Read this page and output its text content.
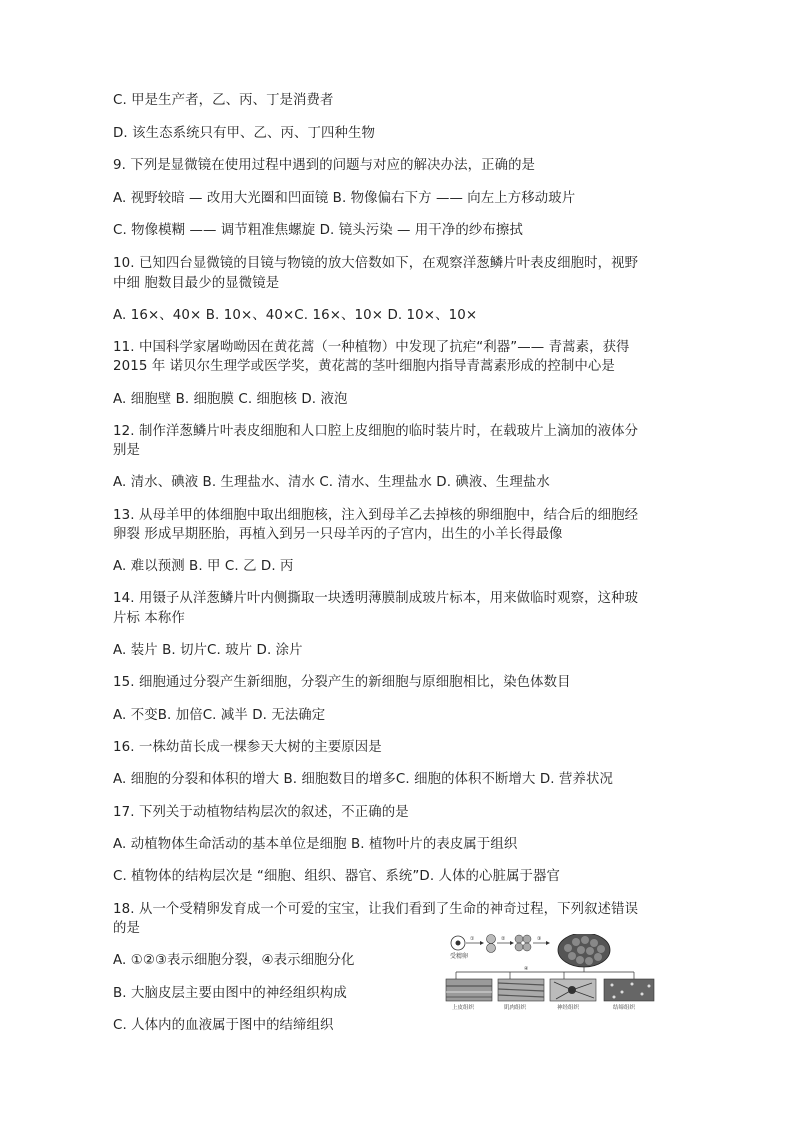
C. 甲是生产者，乙、丙、丁是消费者
D. 该生态系统只有甲、乙、丙、丁四种生物
9. 下列是显微镜在使用过程中遇到的问题与对应的解决办法，正确的是
A. 视野较暗 — 改用大光圈和凹面镜 B. 物像偏右下方 —— 向左上方移动玻片
C. 物像模糊 —— 调节粗准焦螺旋 D. 镜头污染 — 用干净的纱布擦拭
10. 已知四台显微镜的目镜与物镜的放大倍数如下，在观察洋葱鳞片叶表皮细胞时，视野
中细 胞数目最少的显微镜是
A. 16×、40× B. 10×、40×C. 16×、10× D. 10×、10×
11. 中国科学家屠呦呦因在黄花蒿（一种植物）中发现了抗疟“利器”—— 青蒿素，获得
2015 年 诺贝尔生理学或医学奖，黄花蒿的茎叶细胞内指导青蒿素形成的控制中心是
A. 细胞壁 B. 细胞膜 C. 细胞核 D. 液泡
12. 制作洋葱鳞片叶表皮细胞和人口腔上皮细胞的临时装片时，在载玻片上滴加的液体分
别是
A. 清水、碘液 B. 生理盐水、清水 C. 清水、生理盐水 D. 碘液、生理盐水
13. 从母羊甲的体细胞中取出细胞核，注入到母羊乙去掉核的卵细胞中，结合后的细胞经
卵裂 形成早期胚胎，再植入到另一只母羊丙的子宫内，出生的小羊长得最像
A. 难以预测 B. 甲 C. 乙 D. 丙
14. 用镊子从洋葱鳞片叶内侧撕取一块透明薄膜制成玻片标本，用来做临时观察，这种玻
片标 本称作
A. 装片 B. 切片C. 玻片 D. 涂片
15. 细胞通过分裂产生新细胞，分裂产生的新细胞与原细胞相比，染色体数目
A. 不变B. 加倍C. 减半 D. 无法确定
16. 一株幼苗长成一棵参天大树的主要原因是
A. 细胞的分裂和体积的增大 B. 细胞数目的增多C. 细胞的体积不断增大 D. 营养状况
17. 下列关于动植物结构层次的叙述，不正确的是
A. 动植物体生命活动的基本单位是细胞 B. 植物叶片的表皮属于组织
C. 植物体的结构层次是 “细胞、组织、器官、系统”D. 人体的心脏属于器官
18. 从一个受精卵发育成一个可爱的宝宝，让我们看到了生命的神奇过程，下列叙述错误
的是
A. ①②③表示细胞分裂，④表示细胞分化
B. 大脑皮层主要由图中的神经组织构成
C. 人体内的血液属于图中的结缔组织
受精卵
①	②	③
④
上皮组织	肌肉组织	神经组织	结缔组织
